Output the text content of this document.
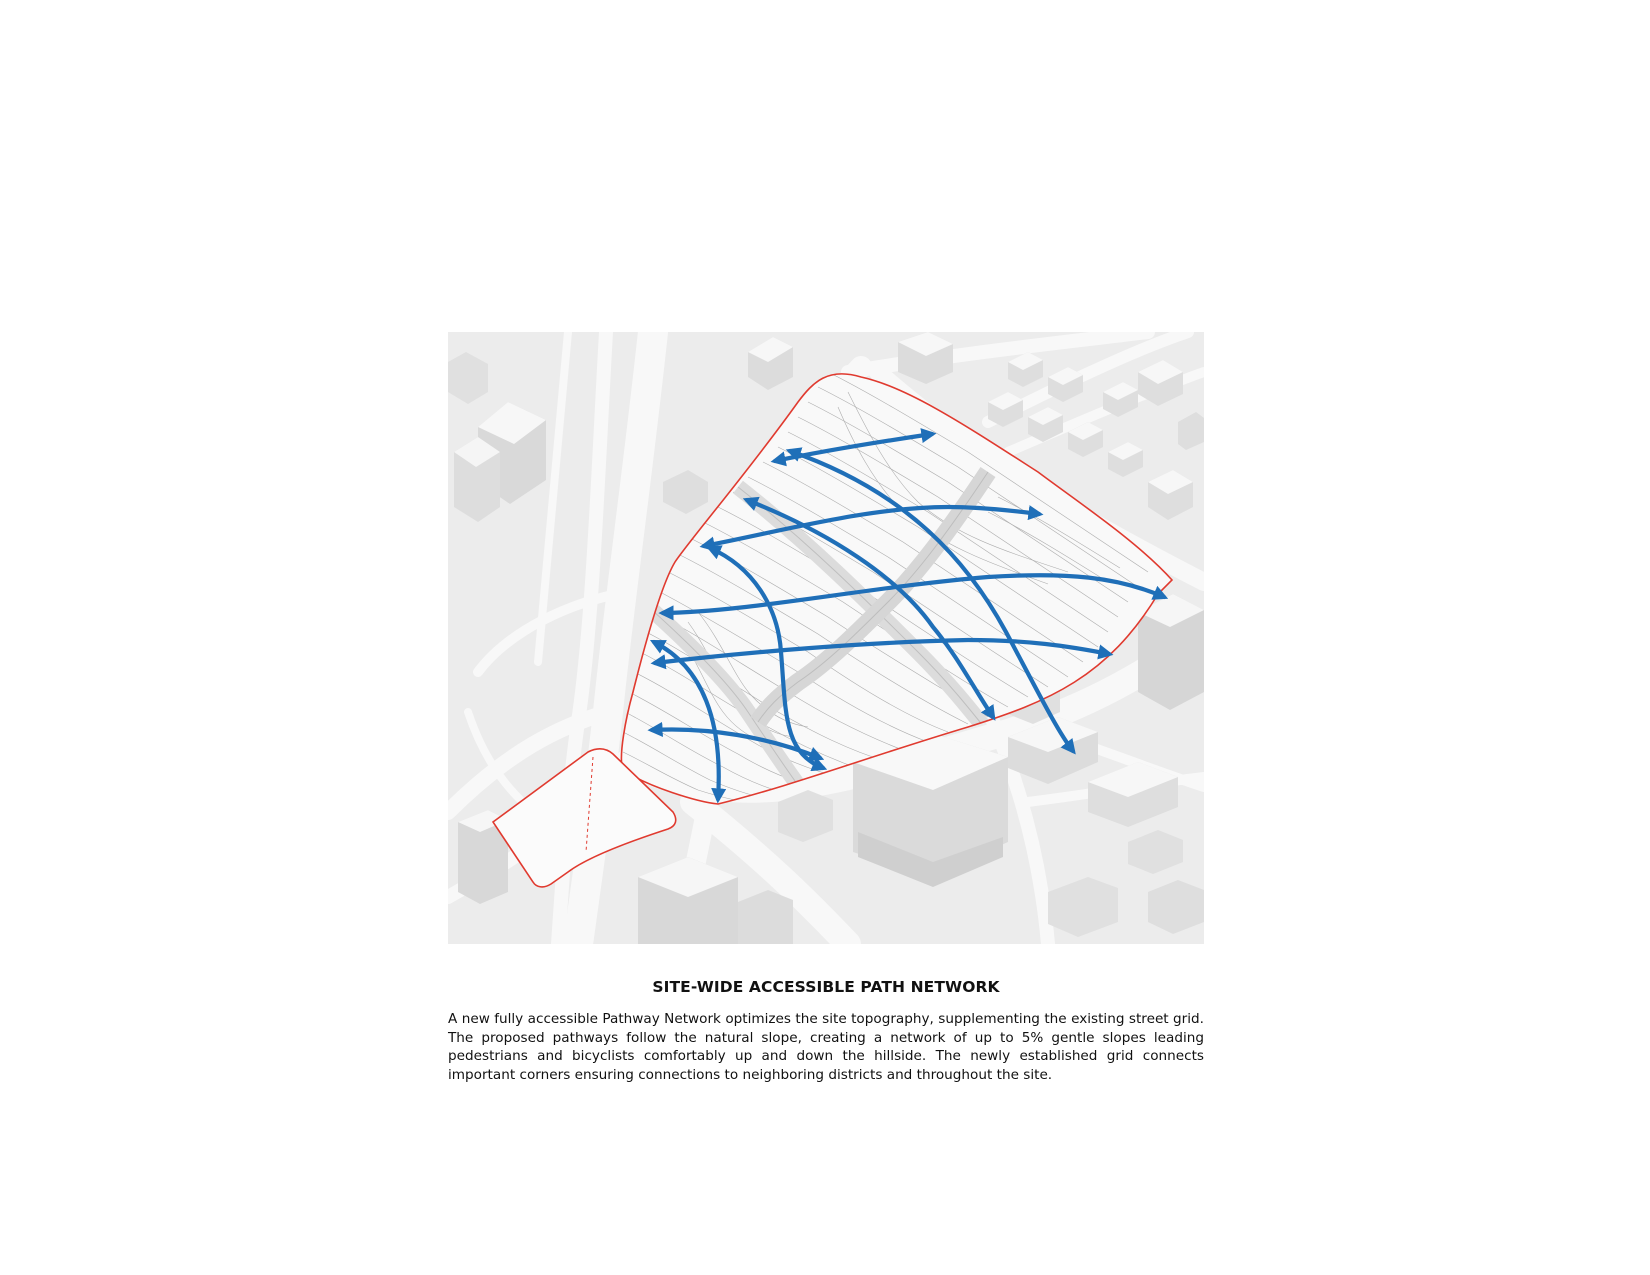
SITE-WIDE ACCESSIBLE PATH NETWORK

A new fully accessible Pathway Network optimizes the site topography, supplementing the existing street grid. The proposed pathways follow the natural slope, creating a network of up to 5% gentle slopes leading pedestrians and bicyclists comfortably up and down the hillside. The newly established grid connects important corners ensuring connections to neighboring districts and throughout the site.
